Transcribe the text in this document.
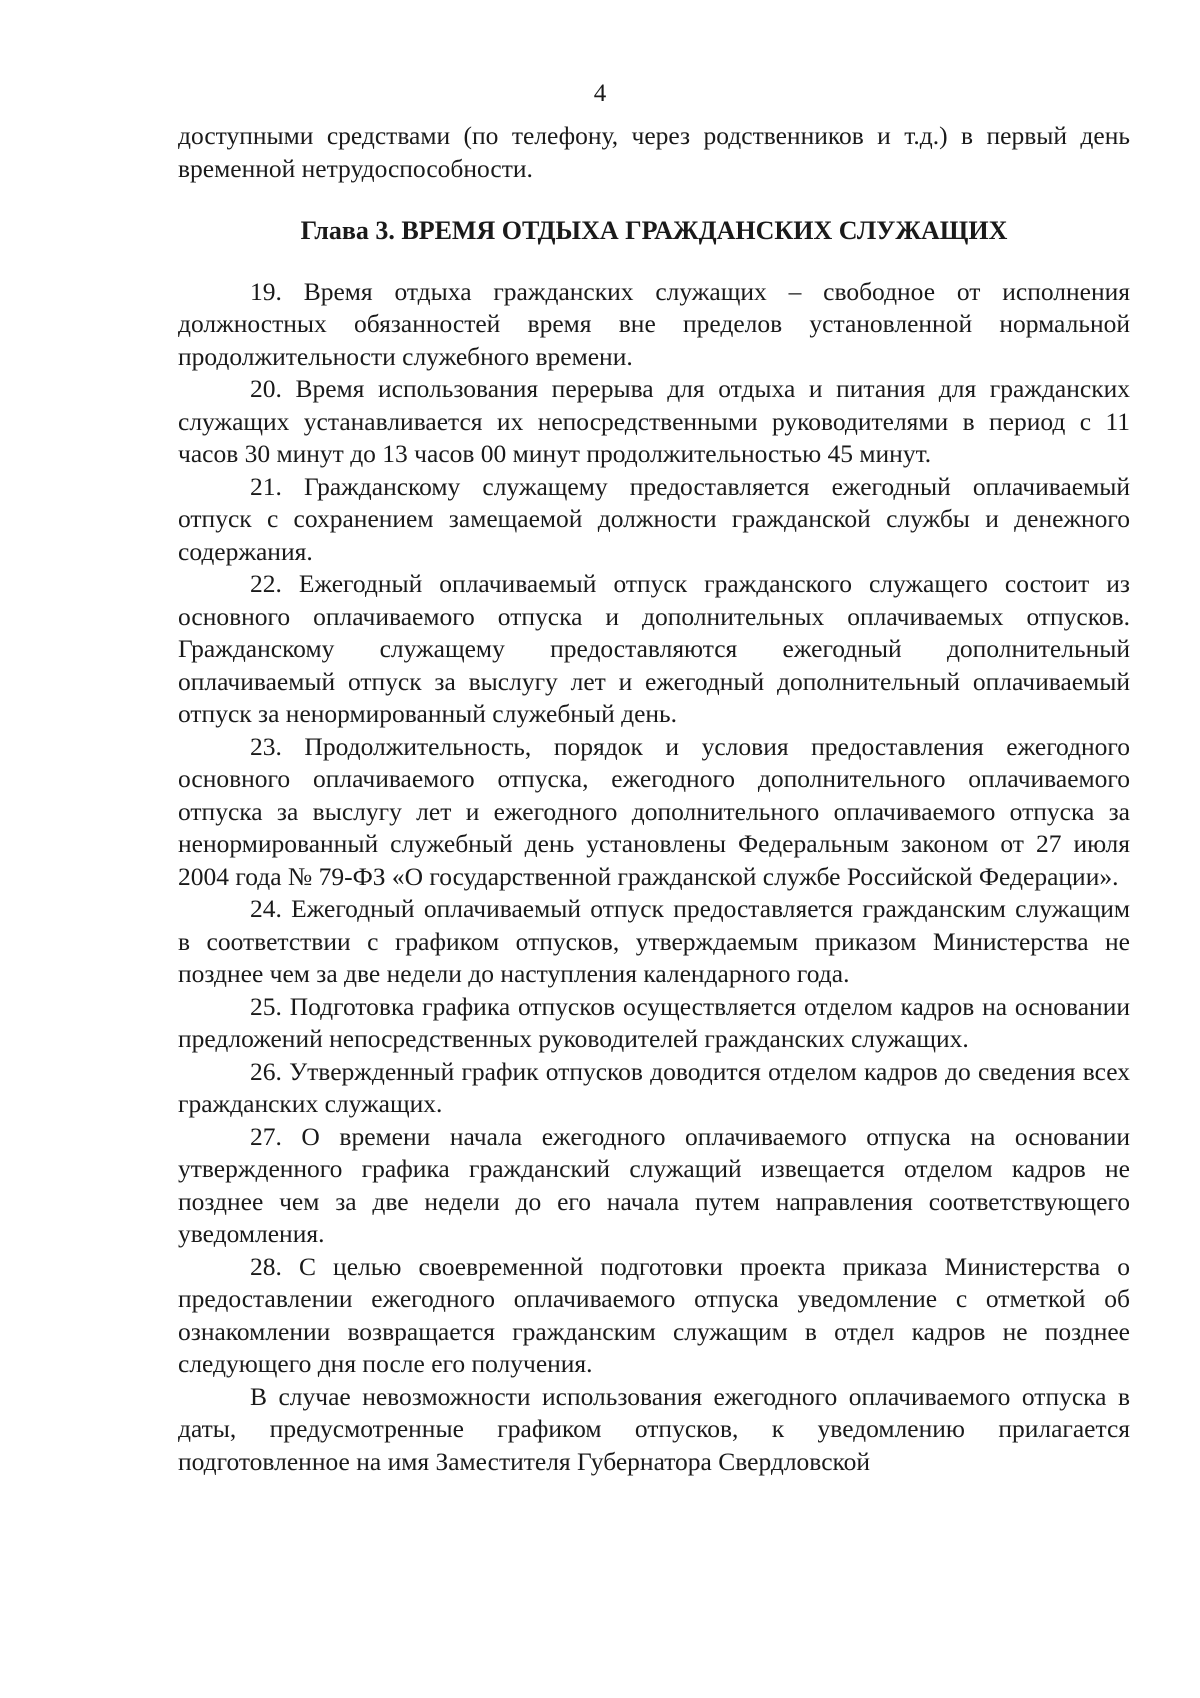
4

доступными средствами (по телефону, через родственников и т.д.) в первый день временной нетрудоспособности.

Глава 3. ВРЕМЯ ОТДЫХА ГРАЖДАНСКИХ СЛУЖАЩИХ

19. Время отдыха гражданских служащих – свободное от исполнения должностных обязанностей время вне пределов установленной нормальной продолжительности служебного времени.

20. Время использования перерыва для отдыха и питания для гражданских служащих устанавливается их непосредственными руководителями в период с 11 часов 30 минут до 13 часов 00 минут продолжительностью 45 минут.

21. Гражданскому служащему предоставляется ежегодный оплачиваемый отпуск с сохранением замещаемой должности гражданской службы и денежного содержания.

22. Ежегодный оплачиваемый отпуск гражданского служащего состоит из основного оплачиваемого отпуска и дополнительных оплачиваемых отпусков. Гражданскому служащему предоставляются ежегодный дополнительный оплачиваемый отпуск за выслугу лет и ежегодный дополнительный оплачиваемый отпуск за ненормированный служебный день.

23. Продолжительность, порядок и условия предоставления ежегодного основного оплачиваемого отпуска, ежегодного дополнительного оплачиваемого отпуска за выслугу лет и ежегодного дополнительного оплачиваемого отпуска за ненормированный служебный день установлены Федеральным законом от 27 июля 2004 года № 79-ФЗ «О государственной гражданской службе Российской Федерации».

24. Ежегодный оплачиваемый отпуск предоставляется гражданским служащим в соответствии с графиком отпусков, утверждаемым приказом Министерства не позднее чем за две недели до наступления календарного года.

25. Подготовка графика отпусков осуществляется отделом кадров на основании предложений непосредственных руководителей гражданских служащих.

26. Утвержденный график отпусков доводится отделом кадров до сведения всех гражданских служащих.

27. О времени начала ежегодного оплачиваемого отпуска на основании утвержденного графика гражданский служащий извещается отделом кадров не позднее чем за две недели до его начала путем направления соответствующего уведомления.

28. С целью своевременной подготовки проекта приказа Министерства о предоставлении ежегодного оплачиваемого отпуска уведомление с отметкой об ознакомлении возвращается гражданским служащим в отдел кадров не позднее следующего дня после его получения.

В случае невозможности использования ежегодного оплачиваемого отпуска в даты, предусмотренные графиком отпусков, к уведомлению прилагается подготовленное на имя Заместителя Губернатора Свердловской
